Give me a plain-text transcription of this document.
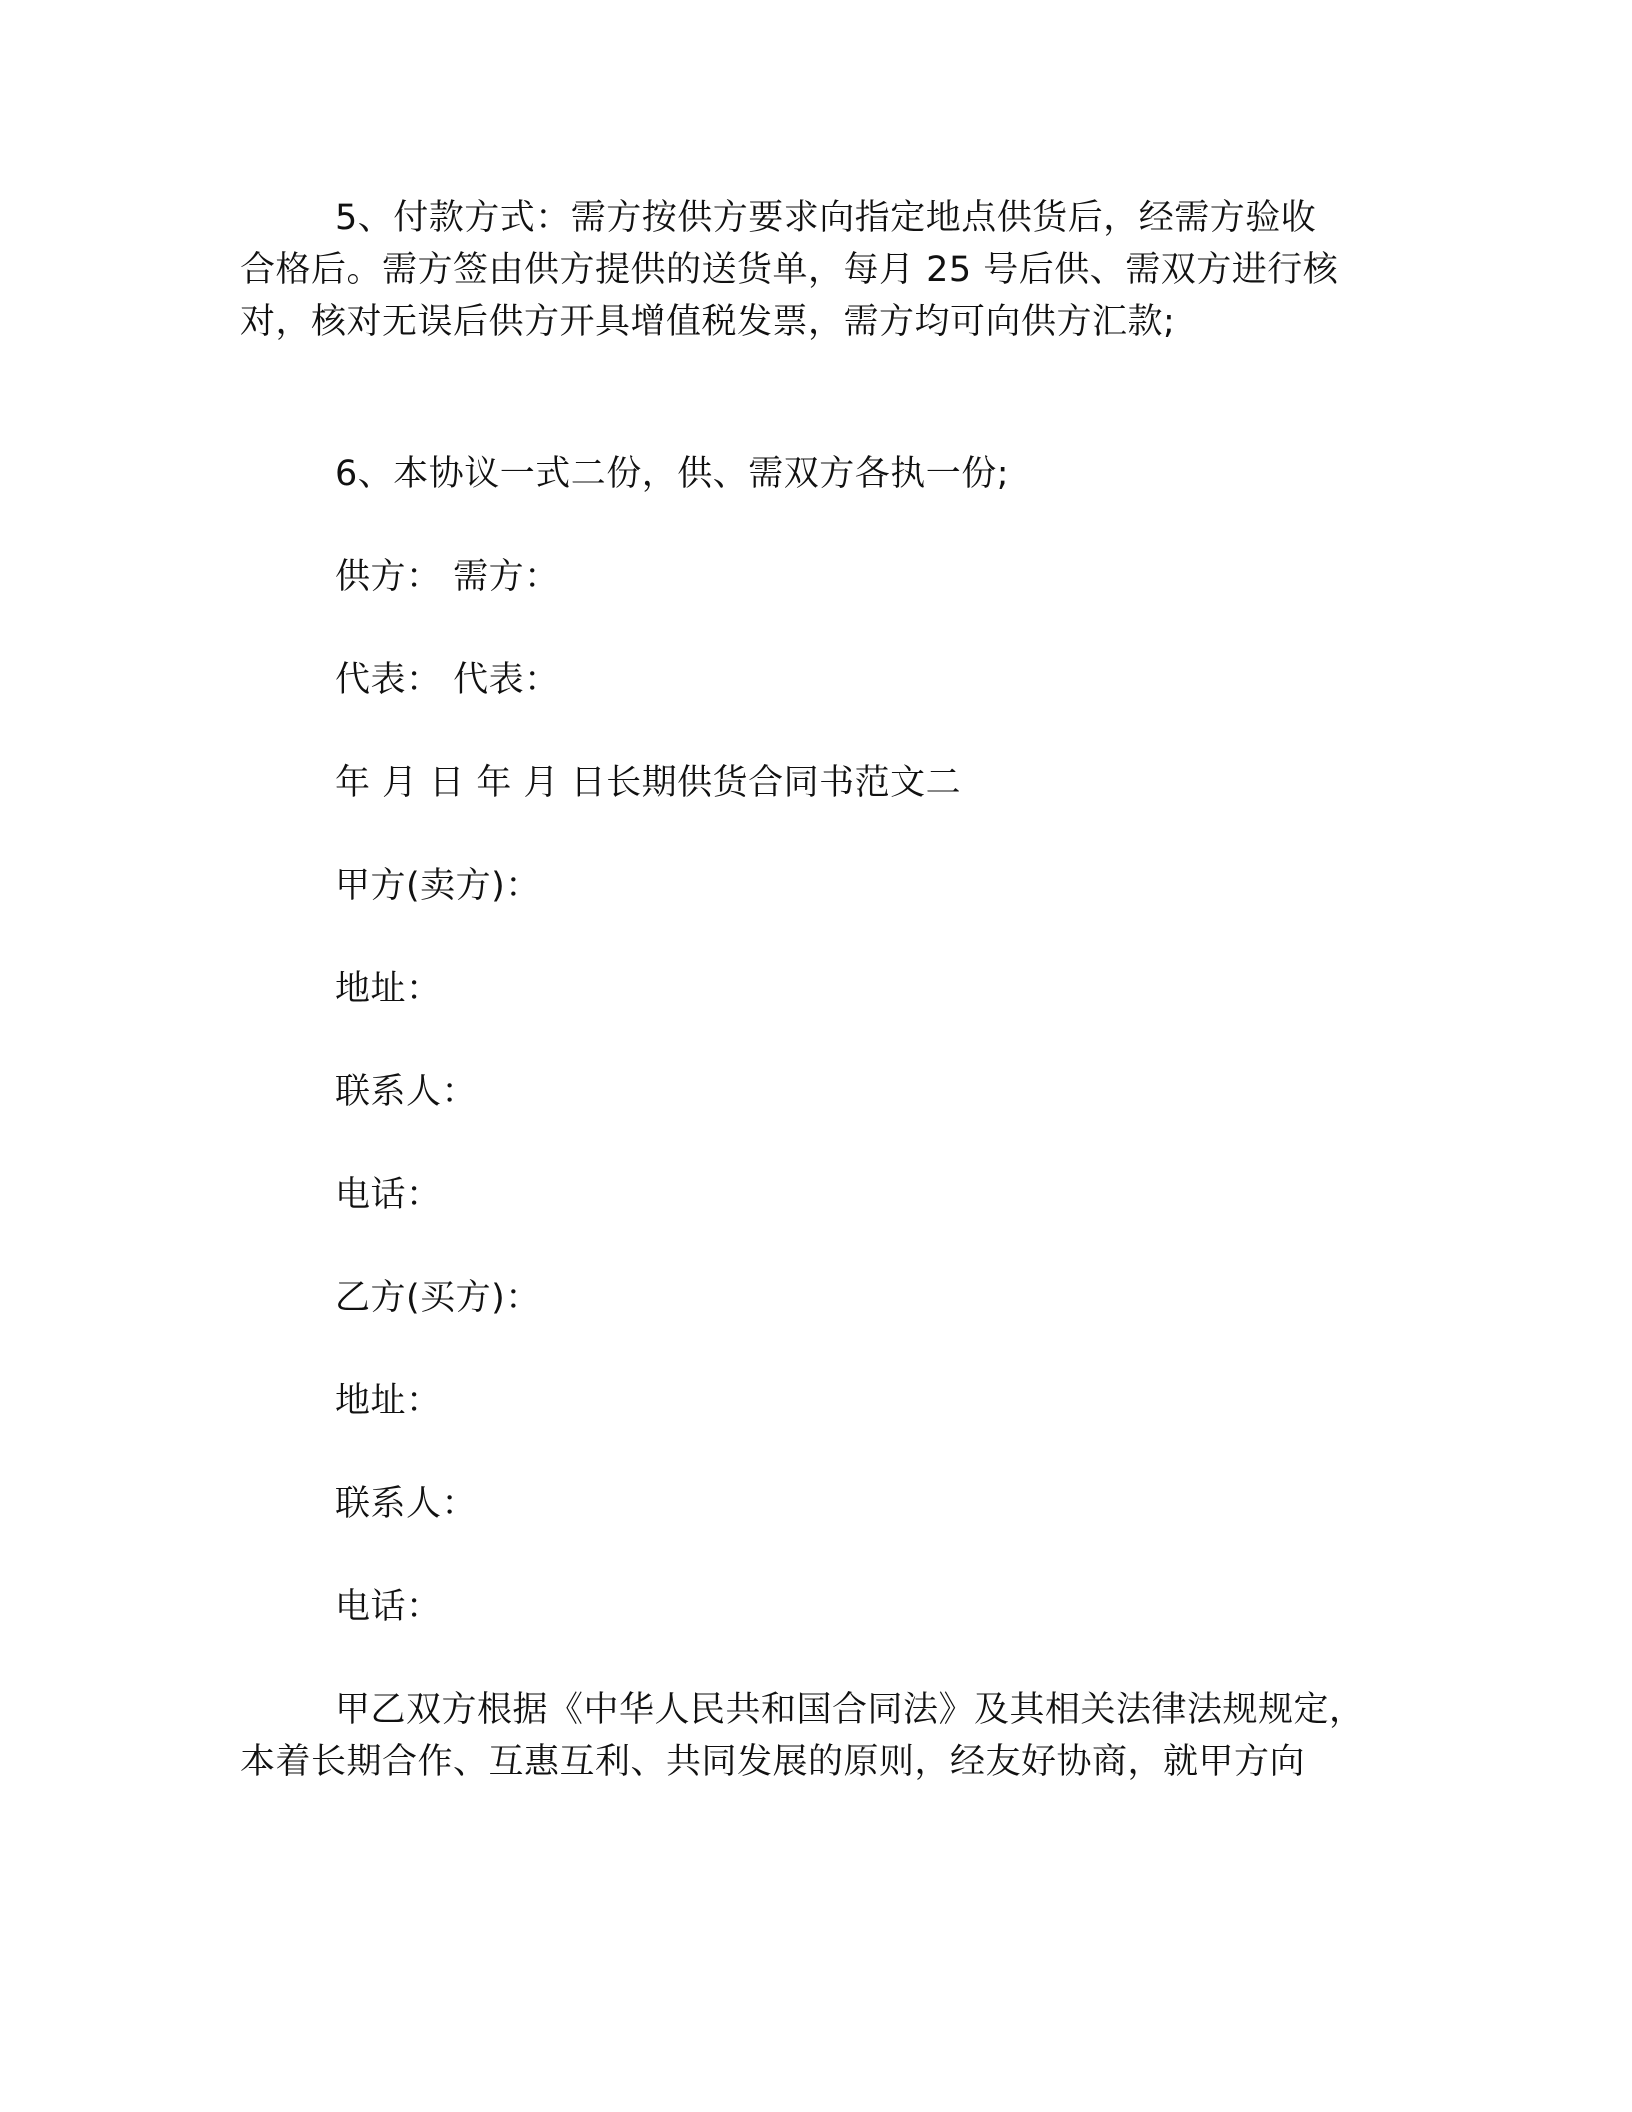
5、付款方式：需方按供方要求向指定地点供货后，经需方验收
合格后。需方签由供方提供的送货单，每月 25 号后供、需双方进行核
对，核对无误后供方开具增值税发票，需方均可向供方汇款;

6、本协议一式二份，供、需双方各执一份;

供方： 需方：

代表： 代表：

年 月 日 年 月 日长期供货合同书范文二

甲方(卖方)：

地址：

联系人：

电话：

乙方(买方)：

地址：

联系人：

电话：

甲乙双方根据《中华人民共和国合同法》及其相关法律法规规定，
本着长期合作、互惠互利、共同发展的原则，经友好协商，就甲方向
